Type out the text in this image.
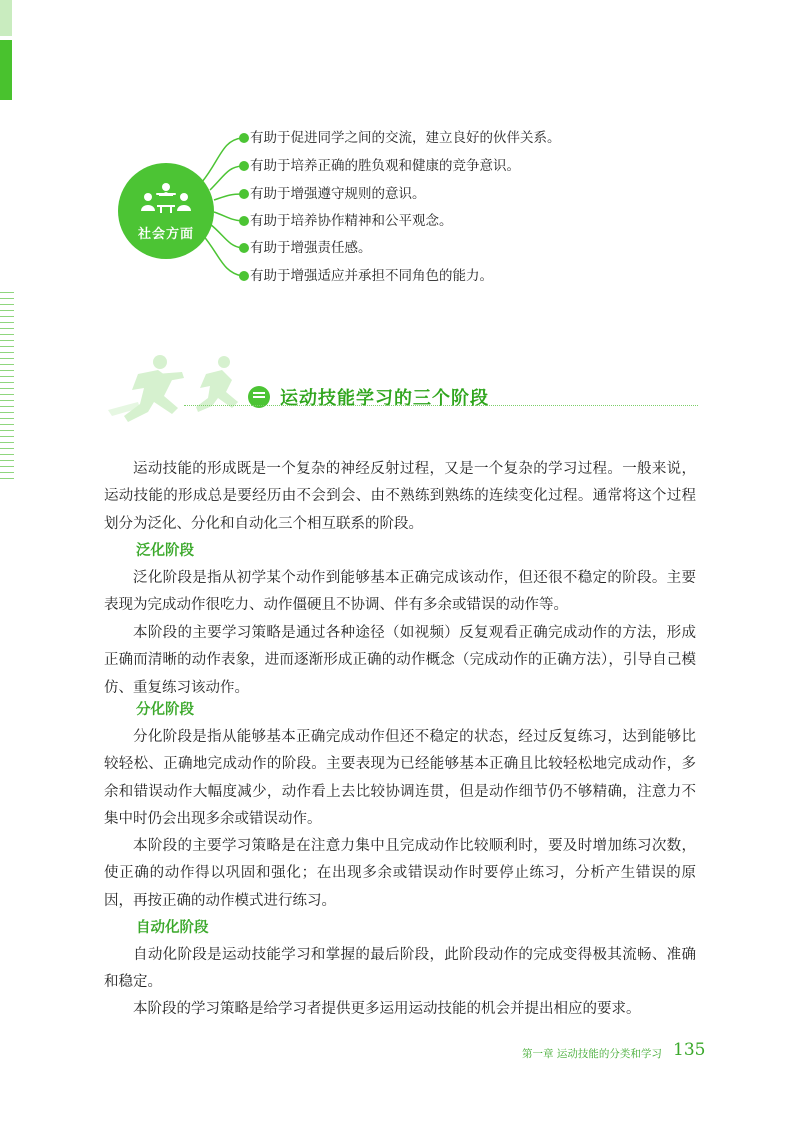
社会方面
有助于促进同学之间的交流，建立良好的伙伴关系。
有助于培养正确的胜负观和健康的竞争意识。
有助于增强遵守规则的意识。
有助于培养协作精神和公平观念。
有助于增强责任感。
有助于增强适应并承担不同角色的能力。
运动技能学习的三个阶段
运动技能的形成既是一个复杂的神经反射过程，又是一个复杂的学习过程。一般来说，运动技能的形成总是要经历由不会到会、由不熟练到熟练的连续变化过程。通常将这个过程划分为泛化、分化和自动化三个相互联系的阶段。
泛化阶段
泛化阶段是指从初学某个动作到能够基本正确完成该动作，但还很不稳定的阶段。主要表现为完成动作很吃力、动作僵硬且不协调、伴有多余或错误的动作等。
本阶段的主要学习策略是通过各种途径（如视频）反复观看正确完成动作的方法，形成正确而清晰的动作表象，进而逐渐形成正确的动作概念（完成动作的正确方法），引导自己模仿、重复练习该动作。
分化阶段
分化阶段是指从能够基本正确完成动作但还不稳定的状态，经过反复练习，达到能够比较轻松、正确地完成动作的阶段。主要表现为已经能够基本正确且比较轻松地完成动作，多余和错误动作大幅度减少，动作看上去比较协调连贯，但是动作细节仍不够精确，注意力不集中时仍会出现多余或错误动作。
本阶段的主要学习策略是在注意力集中且完成动作比较顺利时，要及时增加练习次数，使正确的动作得以巩固和强化；在出现多余或错误动作时要停止练习，分析产生错误的原因，再按正确的动作模式进行练习。
自动化阶段
自动化阶段是运动技能学习和掌握的最后阶段，此阶段动作的完成变得极其流畅、准确和稳定。
本阶段的学习策略是给学习者提供更多运用运动技能的机会并提出相应的要求。
第一章 运动技能的分类和学习 135
